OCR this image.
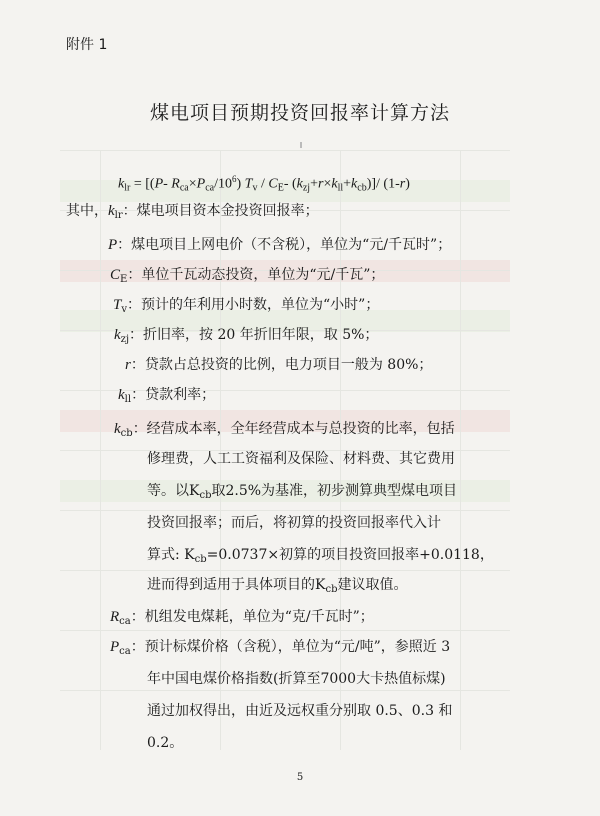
附件 1
煤电项目预期投资回报率计算方法
$k_{lr} = [(P-$ $R_{ca}\times P_{ca}/10^6$) $T_v / C_E-$ $(k_{zj}+r\times k_{ll}+k_{cb})]/$ (1-r)
其中，$k_{lr}$：煤电项目资本金投资回报率；
P：煤电项目上网电价（不含税），单位为“元/千瓦时”；
$C_E$：单位千瓦动态投资，单位为“元/千瓦”；
$T_v$：预计的年利用小时数，单位为“小时”；
$k_{zj}$：折旧率，按 20 年折旧年限，取 5%；
r：贷款占总投资的比例，电力项目一般为 80%；
$k_{ll}$：贷款利率；
$k_{cb}$：经营成本率，全年经营成本与总投资的比率，包括
修理费，人工工资福利及保险、材料费、其它费用
等。以$K_{cb}$取2.5%为基准，初步测算典型煤电项目
投资回报率；而后，将初算的投资回报率代入计
算式: $K_{cb}=0.0737\times$初算的项目投资回报率+0.0118，
进而得到适用于具体项目的$K_{cb}$建议取值。
$R_{ca}$：机组发电煤耗，单位为“克/千瓦时”；
$P_{ca}$：预计标煤价格（含税），单位为“元/吨”，参照近 3
年中国电煤价格指数(折算至7000大卡热值标煤)
通过加权得出，由近及远权重分别取 0.5、0.3 和
0.2。
5
